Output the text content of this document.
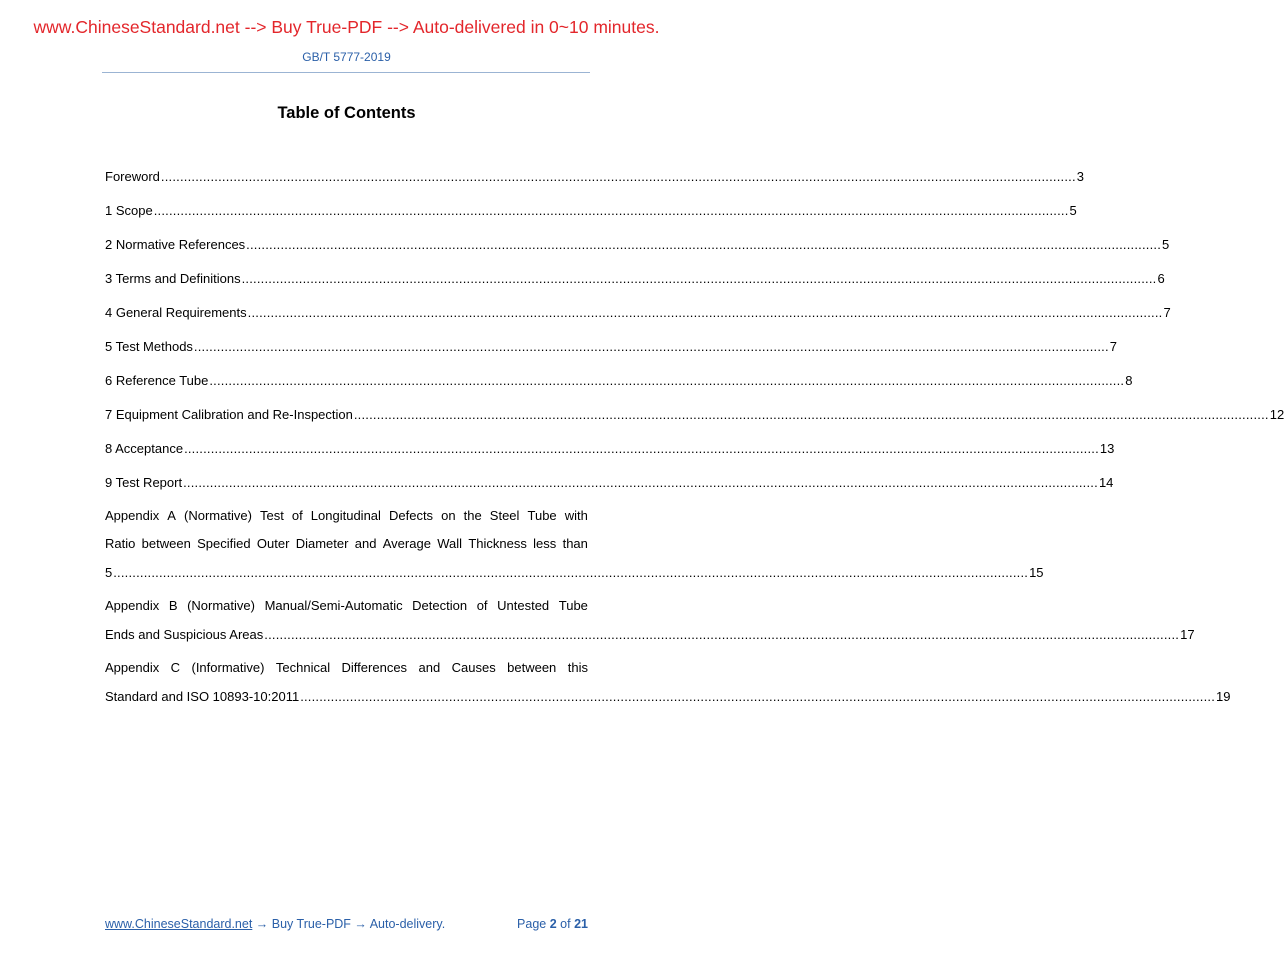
www.ChineseStandard.net --> Buy True-PDF --> Auto-delivered in 0~10 minutes.
GB/T 5777-2019
Table of Contents
Foreword ................................................................................................................................................................................................................................................ 3
1 Scope ................................................................................................................................................................................................................................................ 5
2 Normative References ................................................................................................................................................................................................................................................ 5
3 Terms and Definitions ................................................................................................................................................................................................................................................ 6
4 General Requirements ................................................................................................................................................................................................................................................ 7
5 Test Methods ................................................................................................................................................................................................................................................ 7
6 Reference Tube ................................................................................................................................................................................................................................................ 8
7 Equipment Calibration and Re-Inspection ................................................................................................................................................................................................................................................ 12
8 Acceptance ................................................................................................................................................................................................................................................ 13
9 Test Report ................................................................................................................................................................................................................................................ 14
Appendix A (Normative) Test of Longitudinal Defects on the Steel Tube with
Ratio between Specified Outer Diameter and Average Wall Thickness less than
5 ................................................................................................................................................................................................................................................ 15
Appendix B (Normative) Manual/Semi-Automatic Detection of Untested Tube
Ends and Suspicious Areas ................................................................................................................................................................................................................................................ 17
Appendix C (Informative) Technical Differences and Causes between this
Standard and ISO 10893-10:2011 ................................................................................................................................................................................................................................................ 19
www.ChineseStandard.net → Buy True-PDF → Auto-delivery.	Page 2 of 21
